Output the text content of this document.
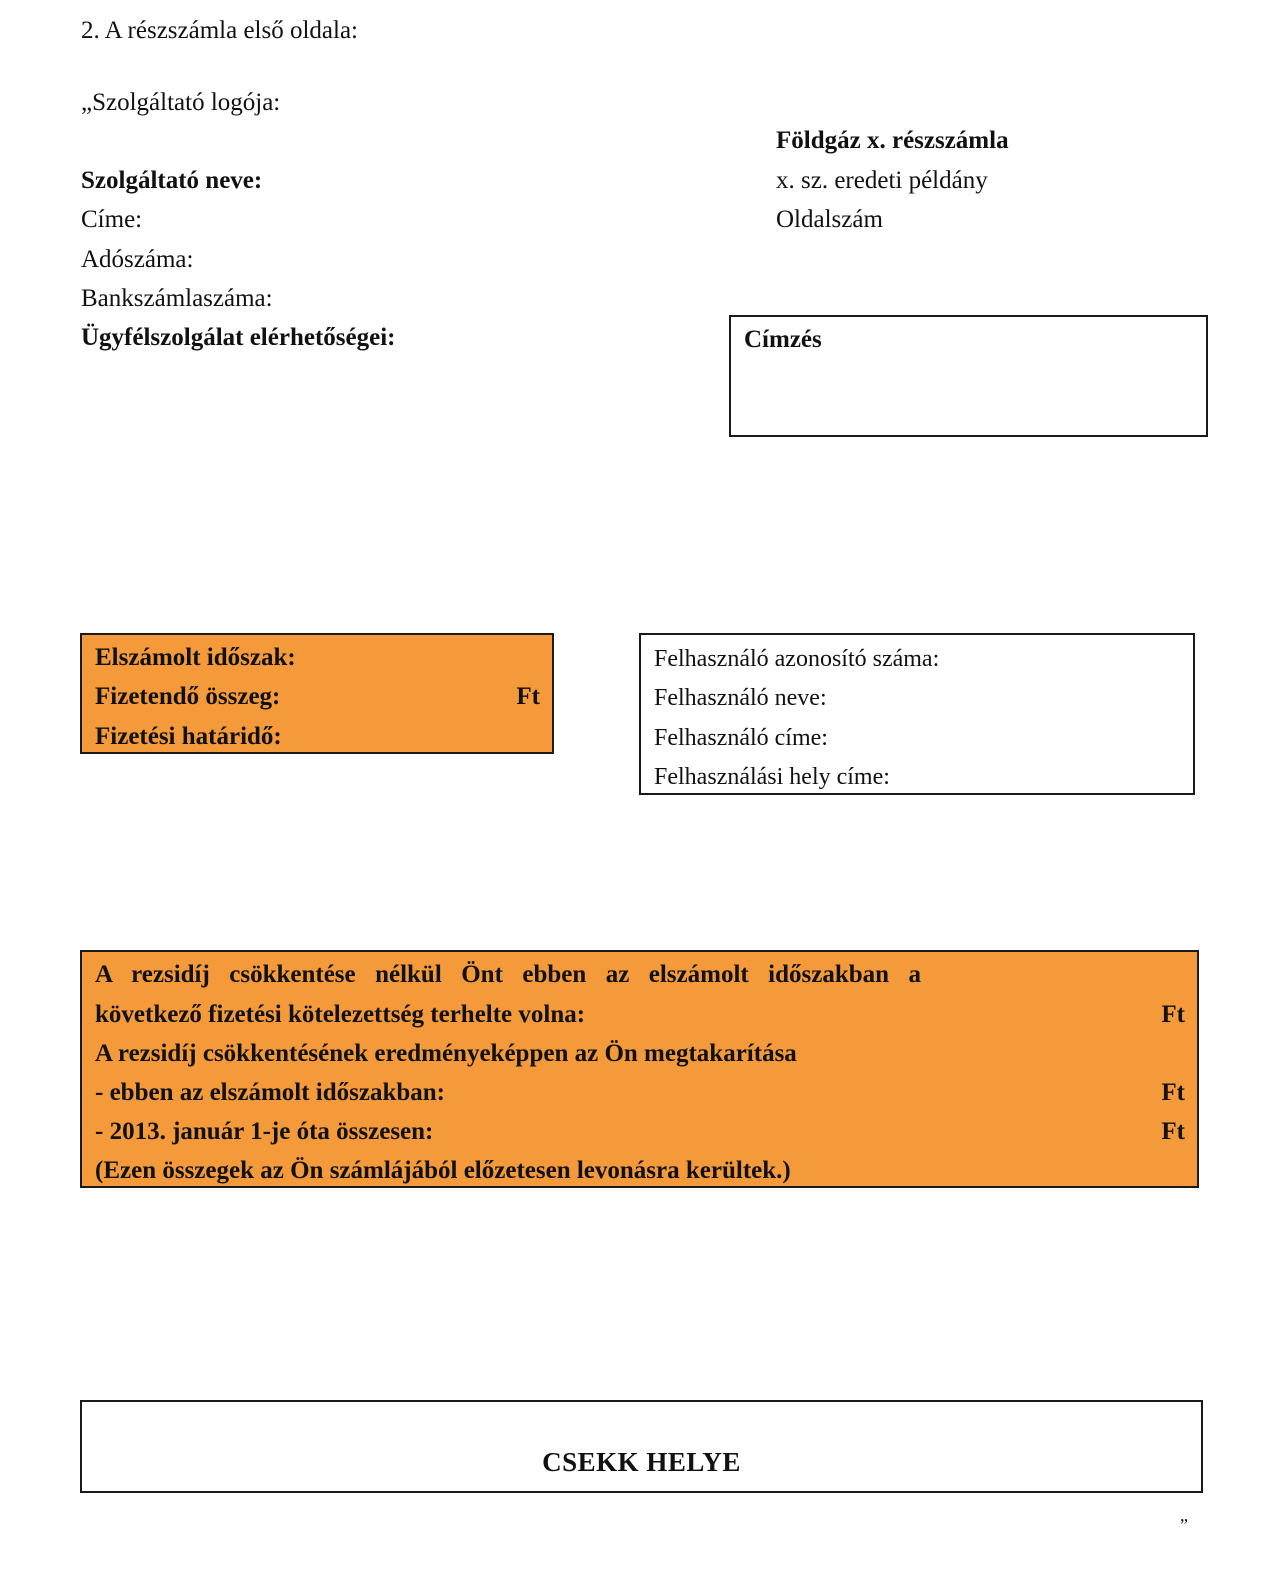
2. A részszámla első oldala:
„Szolgáltató logója:
Földgáz x. részszámla
x. sz. eredeti példány
Oldalszám
Szolgáltató neve:
Címe:
Adószáma:
Bankszámlaszáma:
Ügyfélszolgálat elérhetőségei:	Címzés
Elszámolt időszak:
Fizetendő összeg:	Ft
Fizetési határidő:
Felhasználó azonosító száma:
Felhasználó neve:
Felhasználó címe:
Felhasználási hely címe:
A rezsidíj csökkentése nélkül Önt ebben az elszámolt időszakban a
következő fizetési kötelezettség terhelte volna:	Ft
A rezsidíj csökkentésének eredményeképpen az Ön megtakarítása
- ebben az elszámolt időszakban:	Ft
- 2013. január 1-je óta összesen:	Ft
(Ezen összegek az Ön számlájából előzetesen levonásra kerültek.)
CSEKK HELYE
”
